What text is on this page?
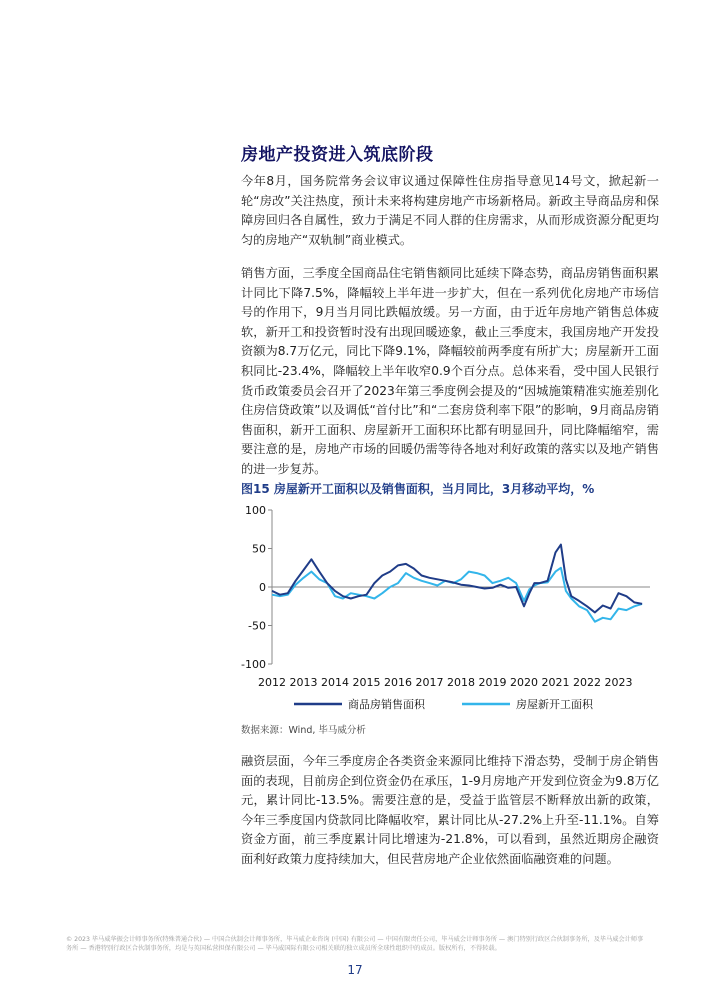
房地产投资进入筑底阶段

今年8月，国务院常务会议审议通过保障性住房指导意见14号文，掀起新一轮“房改”关注热度，预计未来将构建房地产市场新格局。新政主导商品房和保障房回归各自属性，致力于满足不同人群的住房需求，从而形成资源分配更均匀的房地产“双轨制”商业模式。

销售方面，三季度全国商品住宅销售额同比延续下降态势，商品房销售面积累计同比下降7.5%，降幅较上半年进一步扩大，但在一系列优化房地产市场信号的作用下，9月当月同比跌幅放缓。另一方面，由于近年房地产销售总体疲软，新开工和投资暂时没有出现回暖迹象，截止三季度末，我国房地产开发投资额为8.7万亿元，同比下降9.1%，降幅较前两季度有所扩大；房屋新开工面积同比-23.4%，降幅较上半年收窄0.9个百分点。总体来看，受中国人民银行货币政策委员会召开了2023年第三季度例会提及的“因城施策精准实施差别化住房信贷政策”以及调低“首付比”和“二套房贷利率下限”的影响，9月商品房销售面积，新开工面积、房屋新开工面积环比都有明显回升，同比降幅缩窄，需要注意的是，房地产市场的回暖仍需等待各地对利好政策的落实以及地产销售的进一步复苏。

图15 房屋新开工面积以及销售面积，当月同比，3月移动平均，%
100
50
0
-50
-100
2012 2013 2014 2015 2016 2017 2018 2019 2020 2021 2022 2023
商品房销售面积	房屋新开工面积
数据来源：Wind, 毕马威分析

融资层面，今年三季度房企各类资金来源同比维持下滑态势，受制于房企销售面的表现，目前房企到位资金仍在承压，1-9月房地产开发到位资金为9.8万亿元，累计同比-13.5%。需要注意的是，受益于监管层不断释放出新的政策，今年三季度国内贷款同比降幅收窄，累计同比从-27.2%上升至-11.1%。自筹资金方面，前三季度累计同比增速为-21.8%，可以看到，虽然近期房企融资面利好政策力度持续加大，但民营房地产企业依然面临融资难的问题。

© 2023 毕马威华振会计师事务所(特殊普通合伙) — 中国合伙制会计师事务所，毕马威企业咨询 (中国) 有限公司 — 中国有限责任公司，毕马威会计师事务所 — 澳门特别行政区合伙制事务所，及毕马威会计师事务所 — 香港特别行政区合伙制事务所，均是与英国私营担保有限公司 — 毕马威国际有限公司相关联的独立成员所全球性组织中的成员。版权所有，不得转载。
17
